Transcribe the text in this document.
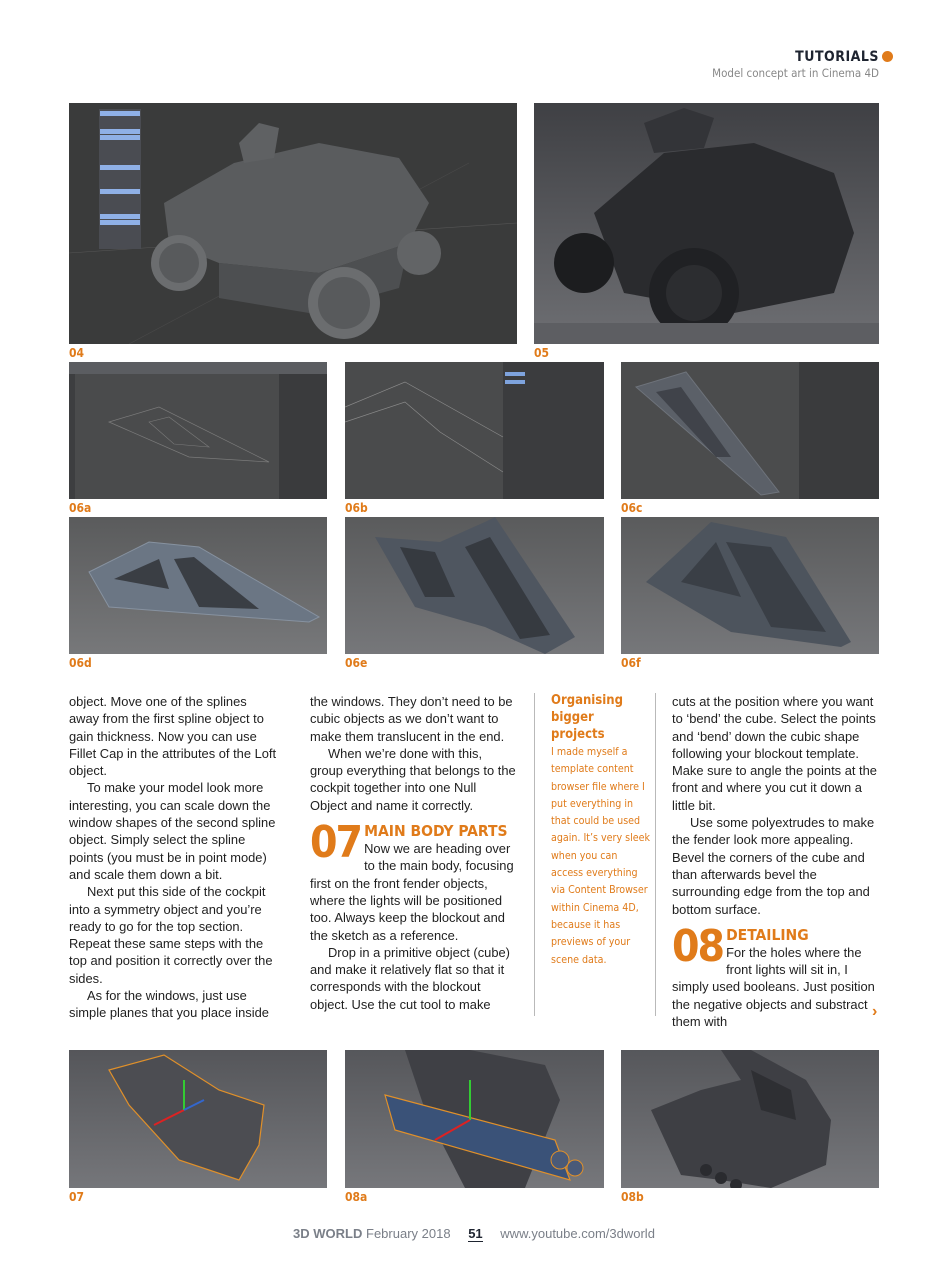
TUTORIALS
Model concept art in Cinema 4D
04	05
06a	06b	06c
06d	06e	06f

object. Move one of the splines away from the first spline object to gain thickness. Now you can use Fillet Cap in the attributes of the Loft object.

To make your model look more interesting, you can scale down the window shapes of the second spline object. Simply select the spline points (you must be in point mode) and scale them down a bit.

Next put this side of the cockpit into a symmetry object and you’re ready to go for the top section. Repeat these same steps with the top and position it correctly over the sides.

As for the windows, just use simple planes that you place inside

the windows. They don’t need to be cubic objects as we don’t want to make them translucent in the end.

When we’re done with this, group everything that belongs to the cockpit together into one Null Object and name it correctly.

07 MAIN BODY PARTS

Now we are heading over to the main body, focusing first on the front fender objects, where the lights will be positioned too. Always keep the blockout and the sketch as a reference.

Drop in a primitive object (cube) and make it relatively flat so that it corresponds with the blockout object. Use the cut tool to make

Organising bigger projects
I made myself a template content browser file where I put everything in that could be used again. It’s very sleek when you can access everything via Content Browser within Cinema 4D, because it has previews of your scene data.

cuts at the position where you want to ‘bend’ the cube. Select the points and ‘bend’ down the cubic shape following your blockout template. Make sure to angle the points at the front and where you cut it down a little bit.

Use some polyextrudes to make the fender look more appealing. Bevel the corners of the cube and than afterwards bevel the surrounding edge from the top and bottom surface.

08 DETAILING

For the holes where the front lights will sit in, I simply used booleans. Just position the negative objects and substract them with

›
07	08a	08b
3D WORLD February 2018 51 www.youtube.com/3dworld
